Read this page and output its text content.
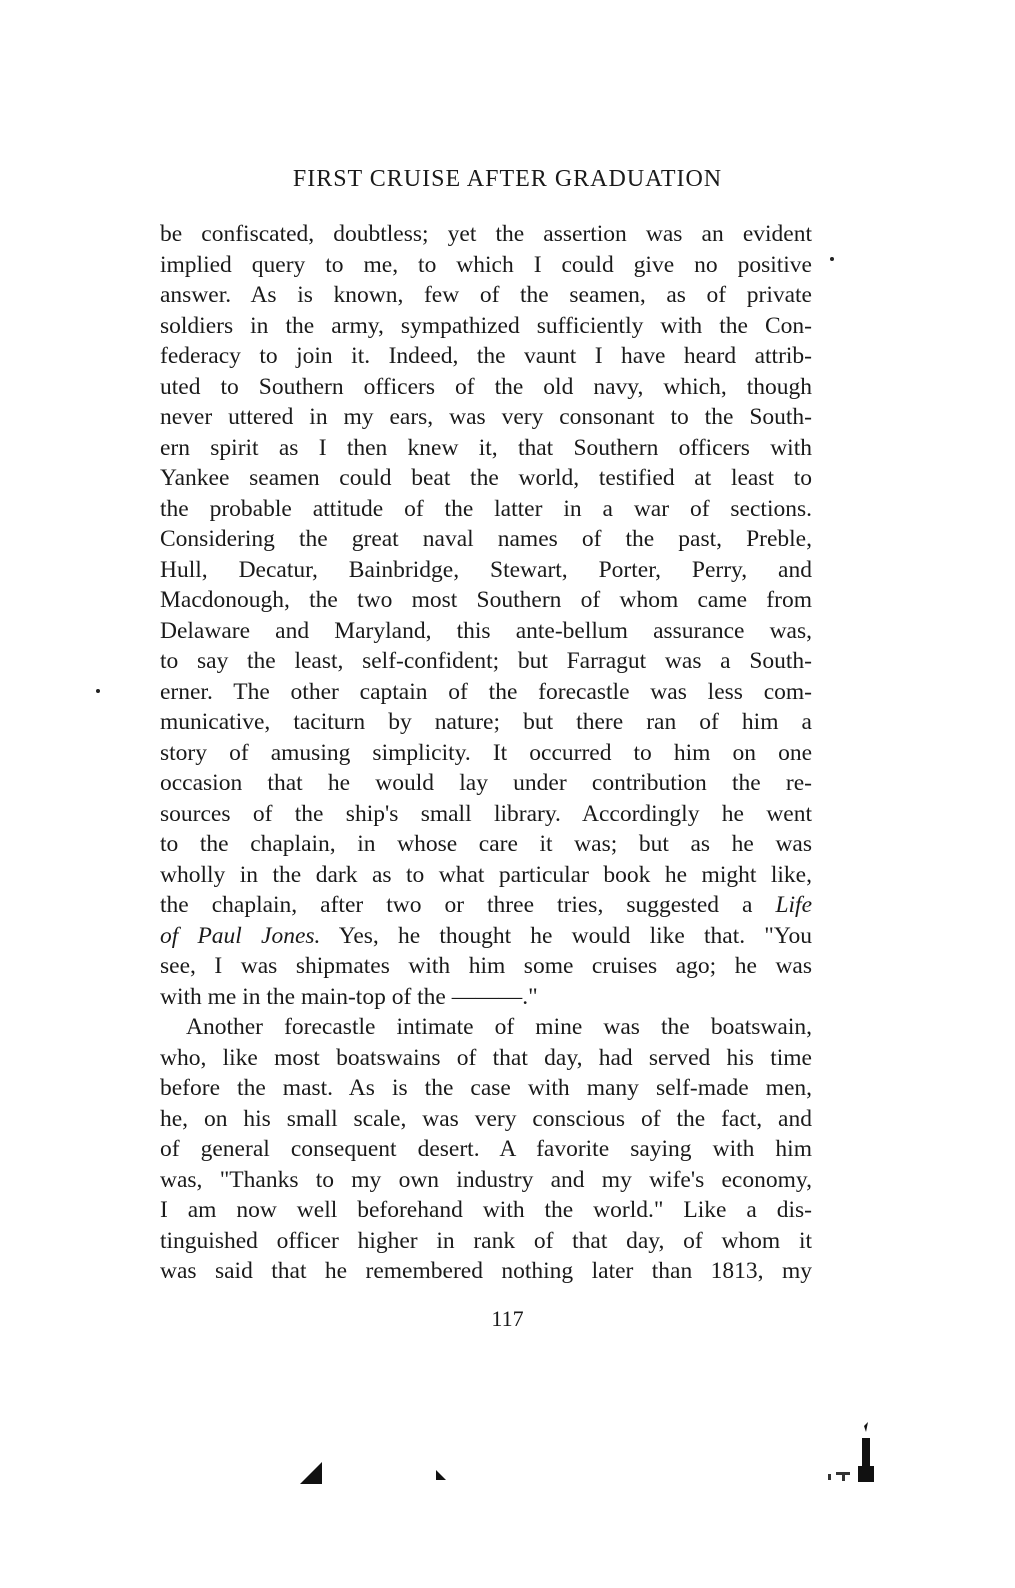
FIRST CRUISE AFTER GRADUATION
be confiscated, doubtless; yet the assertion was an evident
implied query to me, to which I could give no positive
answer. As is known, few of the seamen, as of private
soldiers in the army, sympathized sufficiently with the Con-
federacy to join it. Indeed, the vaunt I have heard attrib-
uted to Southern officers of the old navy, which, though
never uttered in my ears, was very consonant to the South-
ern spirit as I then knew it, that Southern officers with
Yankee seamen could beat the world, testified at least to
the probable attitude of the latter in a war of sections.
Considering the great naval names of the past, Preble,
Hull, Decatur, Bainbridge, Stewart, Porter, Perry, and
Macdonough, the two most Southern of whom came from
Delaware and Maryland, this ante-bellum assurance was,
to say the least, self-confident; but Farragut was a South-
erner. The other captain of the forecastle was less com-
municative, taciturn by nature; but there ran of him a
story of amusing simplicity. It occurred to him on one
occasion that he would lay under contribution the re-
sources of the ship's small library. Accordingly he went
to the chaplain, in whose care it was; but as he was
wholly in the dark as to what particular book he might like,
the chaplain, after two or three tries, suggested a Life
of Paul Jones. Yes, he thought he would like that. "You
see, I was shipmates with him some cruises ago; he was
with me in the main-top of the ———."
Another forecastle intimate of mine was the boatswain,
who, like most boatswains of that day, had served his time
before the mast. As is the case with many self-made men,
he, on his small scale, was very conscious of the fact, and
of general consequent desert. A favorite saying with him
was, "Thanks to my own industry and my wife's economy,
I am now well beforehand with the world." Like a dis-
tinguished officer higher in rank of that day, of whom it
was said that he remembered nothing later than 1813, my
117
